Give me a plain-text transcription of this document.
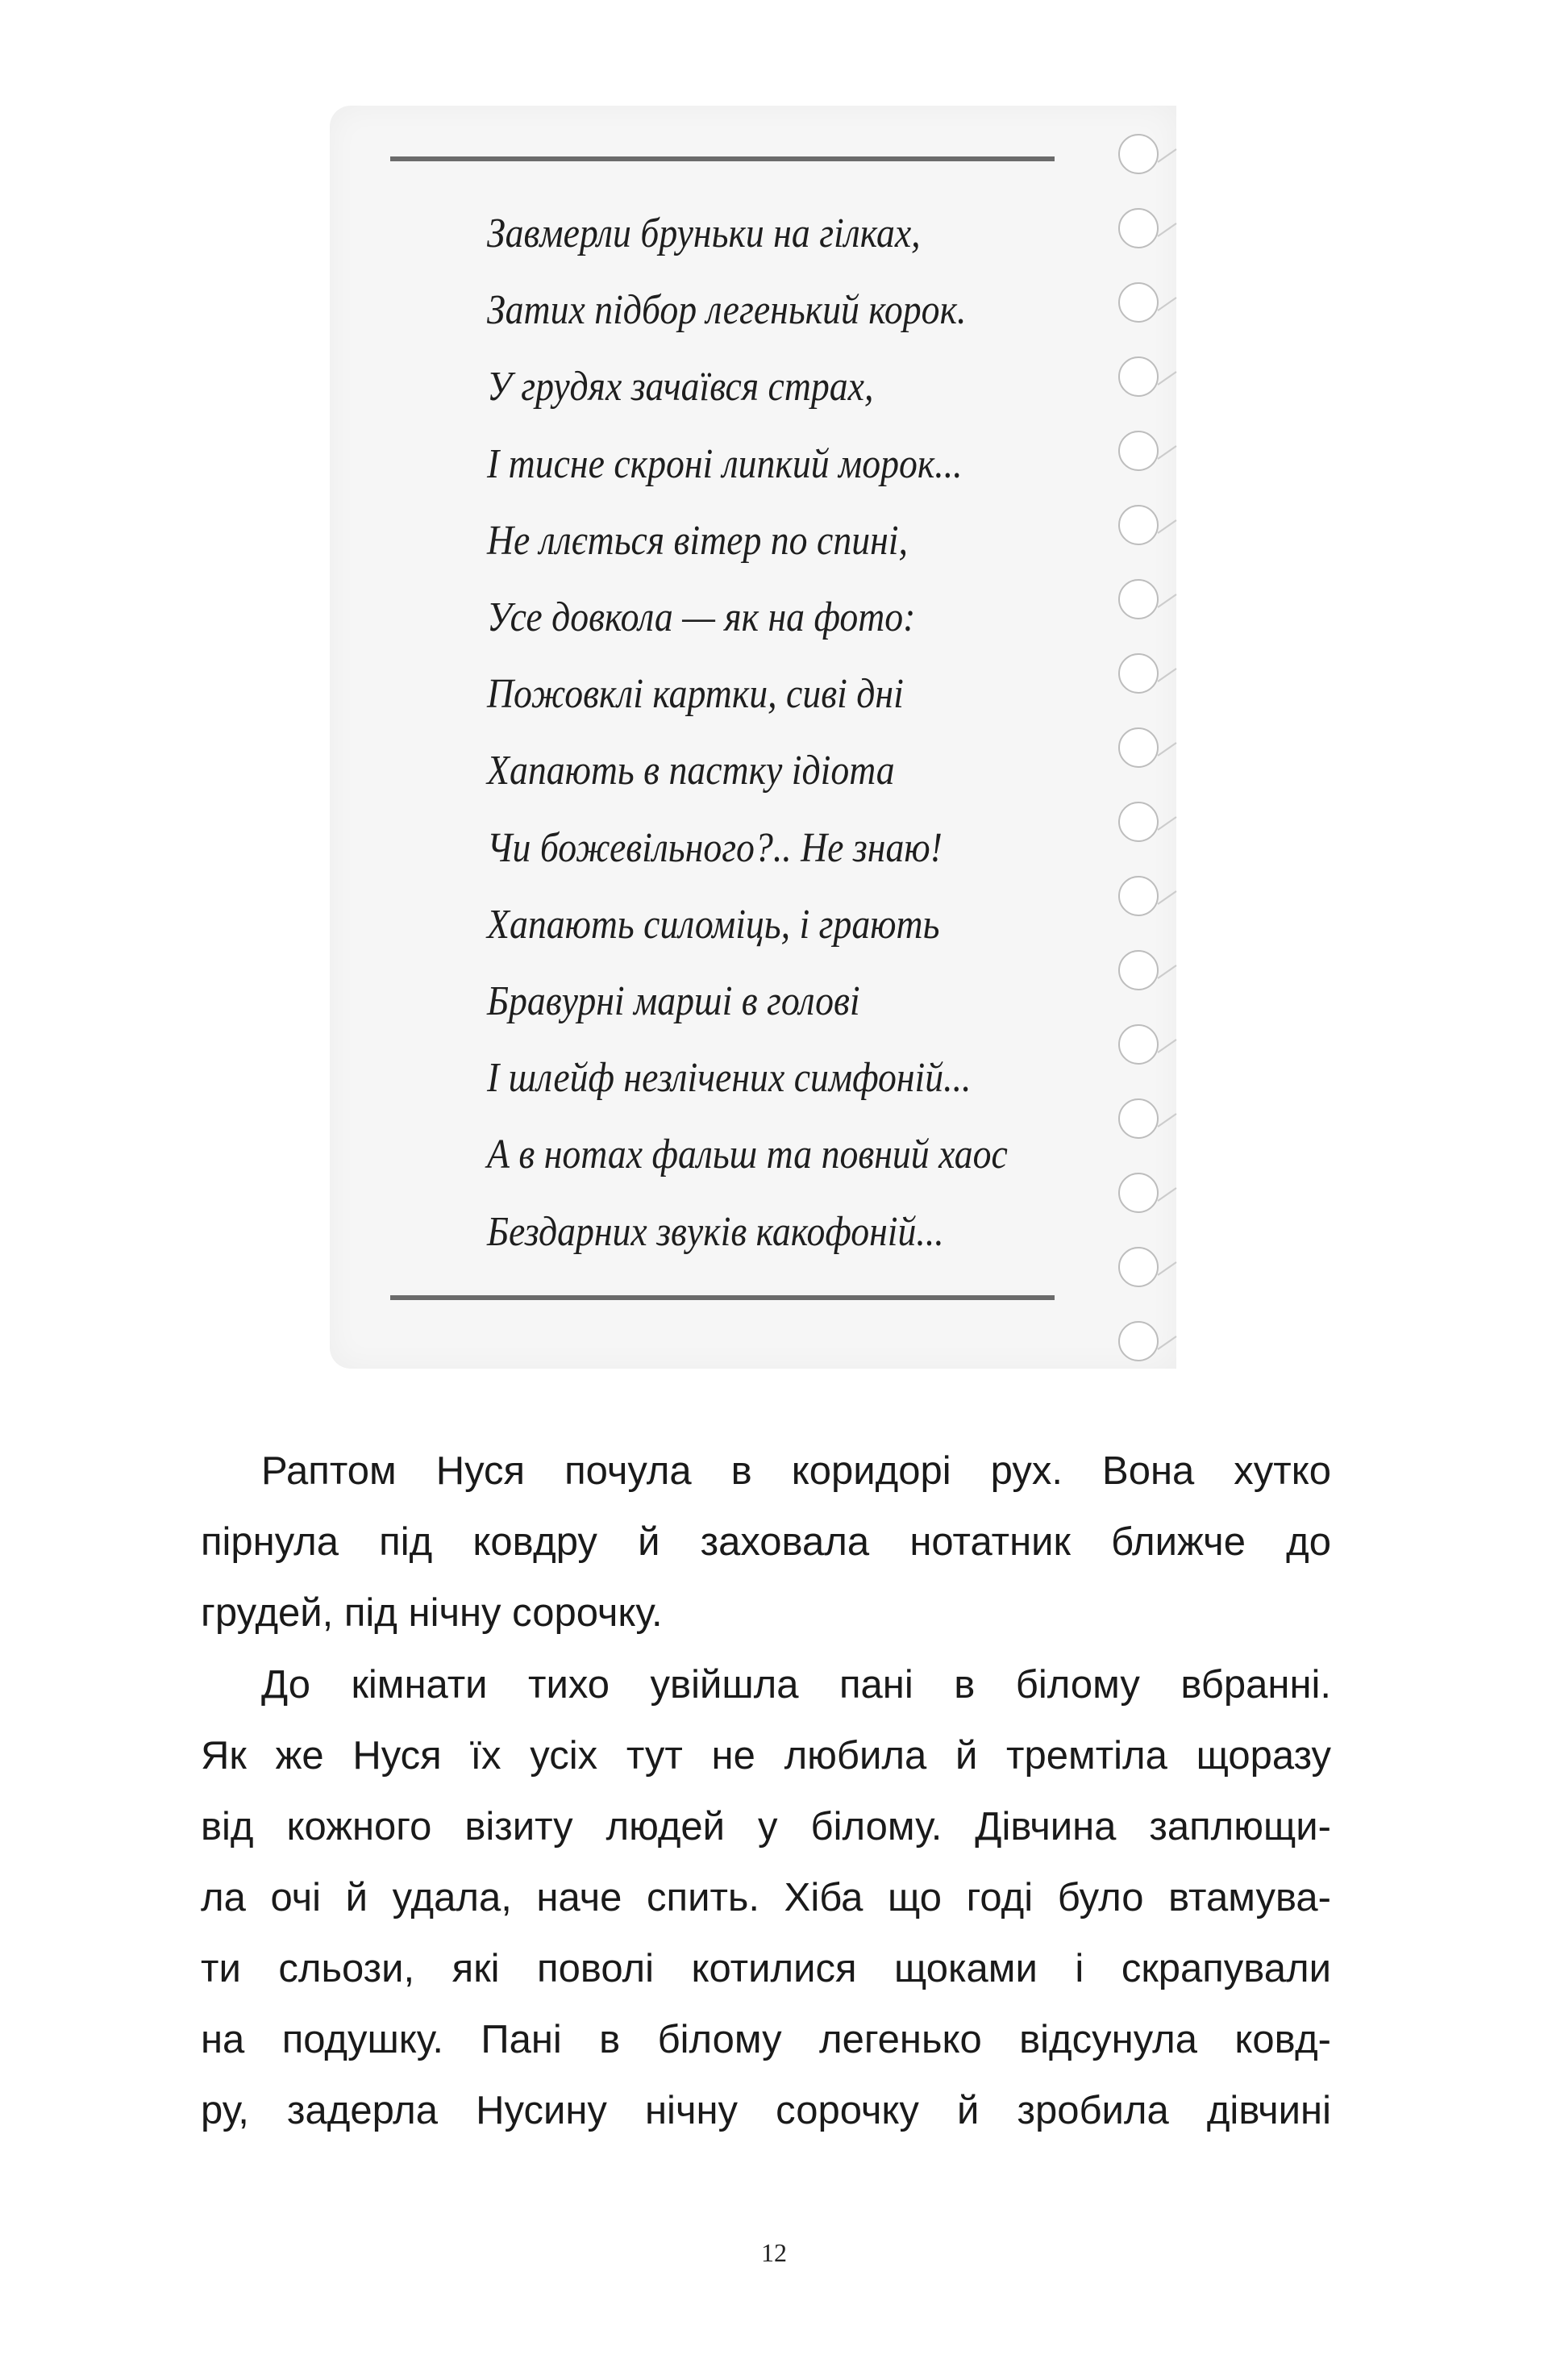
Завмерли бруньки на гілках,
Затих підбор легенький корок.
У грудях зачаївся страх,
І тисне скроні липкий морок...
Не ллється вітер по спині,
Усе довкола — як на фото:
Пожовклі картки, сиві дні
Хапають в пастку ідіота
Чи божевільного?.. Не знаю!
Хапають силоміць, і грають
Бравурні марші в голові
І шлейф незлічених симфоній...
А в нотах фальш та повний хаос
Бездарних звуків какофоній...
Раптом Нуся почула в коридорі рух. Вона хутко
пірнула під ковдру й заховала нотатник ближче до
грудей, під нічну сорочку.
До кімнати тихо увійшла пані в білому вбранні.
Як же Нуся їх усіх тут не любила й тремтіла щоразу
від кожного візиту людей у білому. Дівчина заплющи-
ла очі й удала, наче спить. Хіба що годі було втамува-
ти сльози, які поволі котилися щоками і скрапували
на подушку. Пані в білому легенько відсунула ковд-
ру, задерла Нусину нічну сорочку й зробила дівчині
12
